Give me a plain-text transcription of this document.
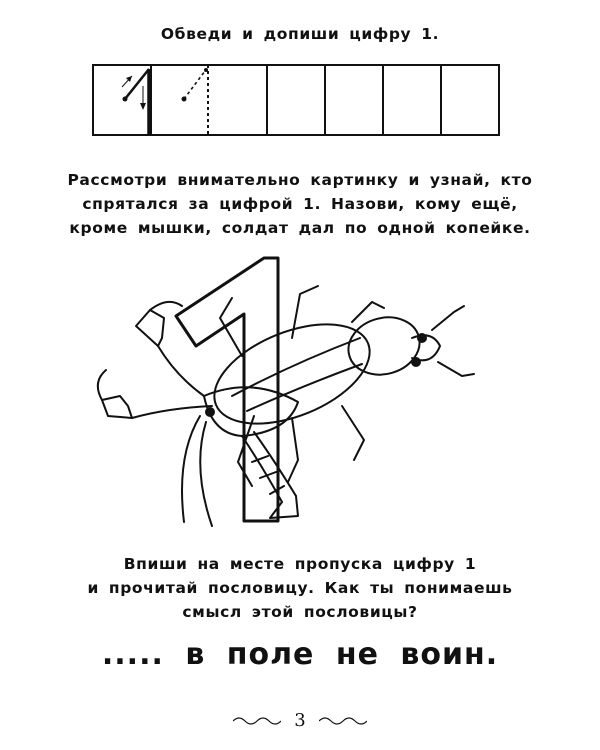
Обведи и допиши цифру 1.
Рассмотри внимательно картинку и узнай, кто
спрятался за цифрой 1. Назови, кому ещё,
кроме мышки, солдат дал по одной копейке.
Впиши на месте пропуска цифру 1
и прочитай пословицу. Как ты понимаешь
смысл этой пословицы?
..... в поле не воин.
3
